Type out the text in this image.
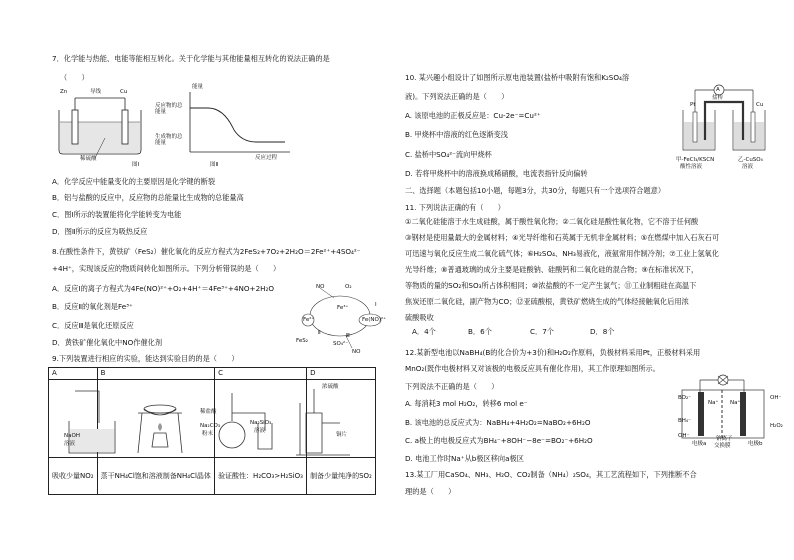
7．化学能与热能、电能等能相互转化。关于化学能与其他能量相互转化的说法正确的是
（　　）
Zn	Cu
导线
稀硫酸
图Ⅰ
能量
反应物的总能量
生成物的总能量
反应过程
图Ⅱ
A．化学反应中能量变化的主要原因是化学键的断裂
B．铝与盐酸的反应中，反应物的总能量比生成物的总能量高
C．图Ⅰ所示的装置能将化学能转变为电能
D．图Ⅱ所示的反应为吸热反应
8.在酸性条件下，黄铁矿（FeS₂）催化氧化的反应方程式为2FeS₂+7O₂+2H₂O＝2Fe²⁺+4SO₄²⁻
+4H⁺，实现该反应的物质间转化如图所示。下列分析错误的是（　　）
A．反应Ⅰ的离子方程式为4Fe(NO)²⁺+O₂+4H⁺＝4Fe³⁺+4NO+2H₂O
B．反应Ⅱ的氧化剂是Fe³⁺
C．反应Ⅲ是氧化还原反应
D．黄铁矿催化氧化中NO作催化剂
NO	O₂
Fe²⁺	Fe(NO)²⁺
Fe³⁺
FeS₂	SO₄²⁻
NO
Ⅱ
Ⅰ
Ⅲ
9.下列装置进行相应的实验，能达到实验目的的是（　　）
A	B	C	D

吸收少量NO₂	蒸干NH₄Cl饱和溶液制备NH₄Cl晶体	验证酸性：H₂CO₃>H₂SiO₃	制备少量纯净的SO₂
NaOH
溶液
稀盐酸
Na₂CO₃
粉末
Na₂SiO₃
溶液
浓硫酸
铜片
10. 某兴趣小组设计了如图所示原电池装置(盐桥中吸附有饱和K₂SO₄溶
液)。下列说法正确的是（　　）
A. 该原电池的正极反应是：Cu-2e⁻=Cu²⁺
B. 甲烧杯中溶液的红色逐渐变浅
C. 盐桥中SO₄²⁻流向甲烧杯
D. 若将甲烧杯中的溶液换成稀硝酸，电流表指针反向偏转
A
盐桥
Pt	Cu
甲-FeCl₃/KSCN
酸性溶液
乙-CuSO₄
溶液
二、选择题（本题包括10小题，每题3分，共30分，每题只有一个选项符合题意）
11. 下列说法正确的有（　　）
①二氧化硅能溶于水生成硅酸，属于酸性氧化物；②二氧化硅是酸性氧化物，它不溶于任何酸
③钢材是使用量最大的金属材料；④光导纤维和石英属于无机非金属材料；⑤在燃煤中加入石灰石可
可迅速与氧化反应生成二氧化硫气体；⑥H₂SO₄、NH₃易液化，液氨常用作制冷剂；⑦工业上氢氧化
光导纤维；⑧普通玻璃的成分主要是硅酸钠、硅酸钙和二氧化硅的混合物；⑨在标准状况下，
等物质的量的SO₂和SO₃所占体积相同；⑩浓盐酸的不一定产生氯气；⑪工业制粗硅在高温下
焦炭还原二氧化硅，副产物为CO；⑫亚硫酸根，黄铁矿燃烧生成的气体经接触氧化后用浓
硫酸吸收
A．4个	B．6个	C．7个	D．8个
12.某新型电池以NaBH₄(B的化合价为+3价)和H₂O₂作原料，负极材料采用Pt，正极材料采用
MnO₂(既作电极材料又对该极的电极反应具有催化作用)，其工作原理如图所示。
下列说法不正确的是（　　）
A. 每消耗3 mol H₂O₂，转移6 mol e⁻
B. 该电池的总反应式为：NaBH₄+4H₂O₂=NaBO₂+6H₂O
C. a极上的电极反应式为BH₄⁻+8OH⁻−8e⁻=BO₂⁻+6H₂O
D. 电池工作时Na⁺从b极区移向a极区
BO₂⁻
BH₄⁻
OH⁻
OH⁻
H₂O₂
Na⁺ Na⁺
电极a	电极b
钠离子
交换膜
13.某工厂用CaSO₄、NH₃、H₂O、CO₂制备（NH₄）₂SO₄，其工艺流程如下，下列推断不合
理的是（　　）
